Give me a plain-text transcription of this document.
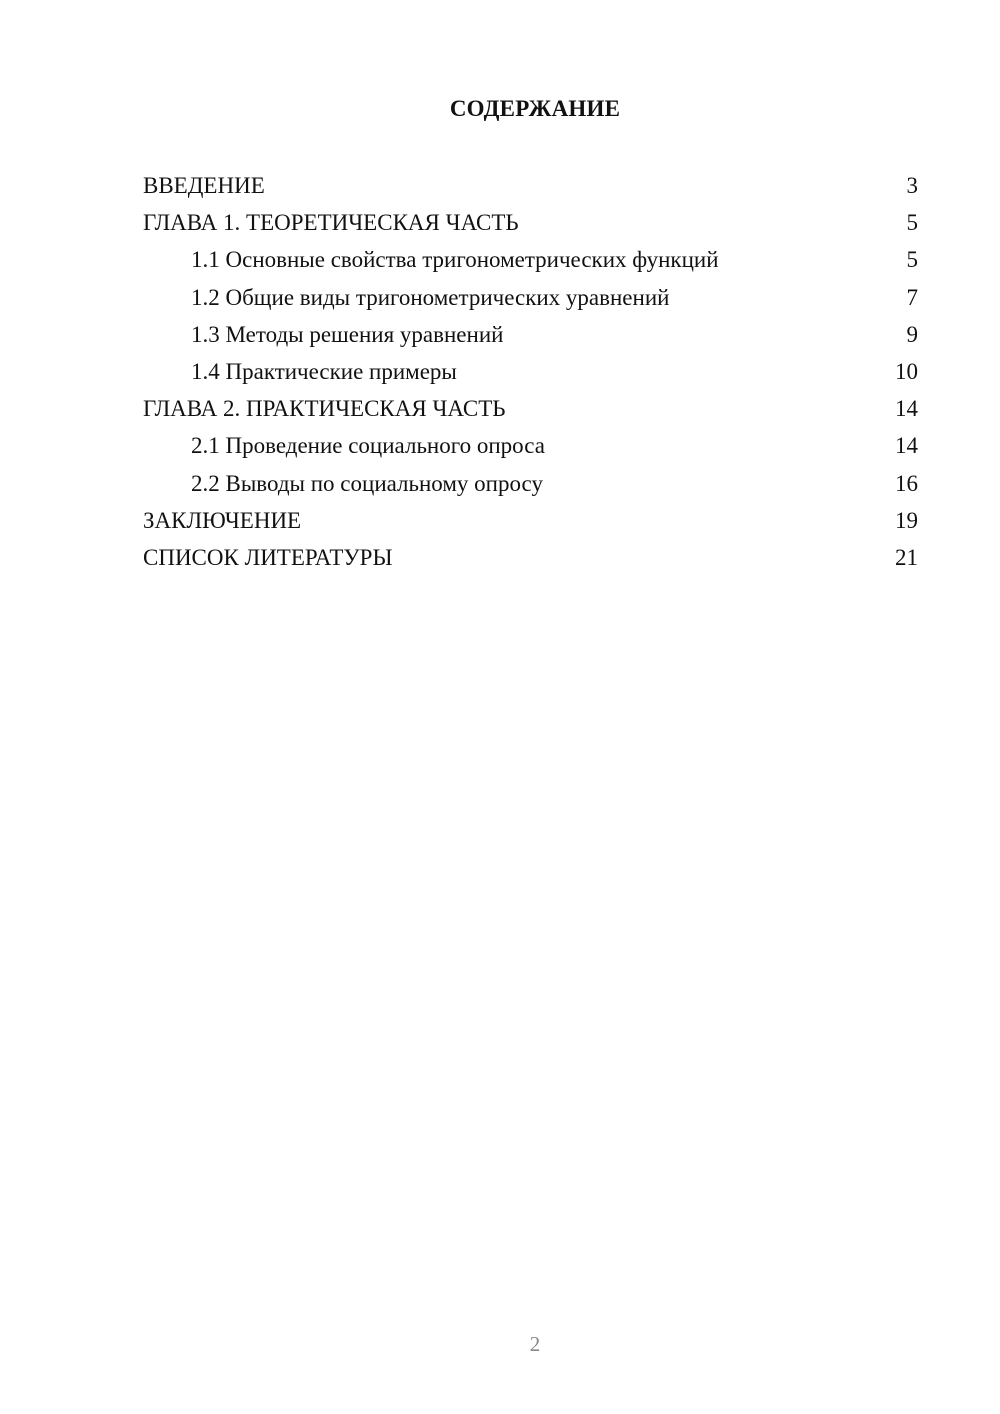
СОДЕРЖАНИЕ
ВВЕДЕНИЕ	3
ГЛАВА 1. ТЕОРЕТИЧЕСКАЯ ЧАСТЬ	5
1.1 Основные свойства тригонометрических функций	5
1.2 Общие виды тригонометрических уравнений	7
1.3 Методы решения уравнений	9
1.4 Практические примеры	10
ГЛАВА 2. ПРАКТИЧЕСКАЯ ЧАСТЬ	14
2.1 Проведение социального опроса	14
2.2 Выводы по социальному опросу	16
ЗАКЛЮЧЕНИЕ	19
СПИСОК ЛИТЕРАТУРЫ	21
2
